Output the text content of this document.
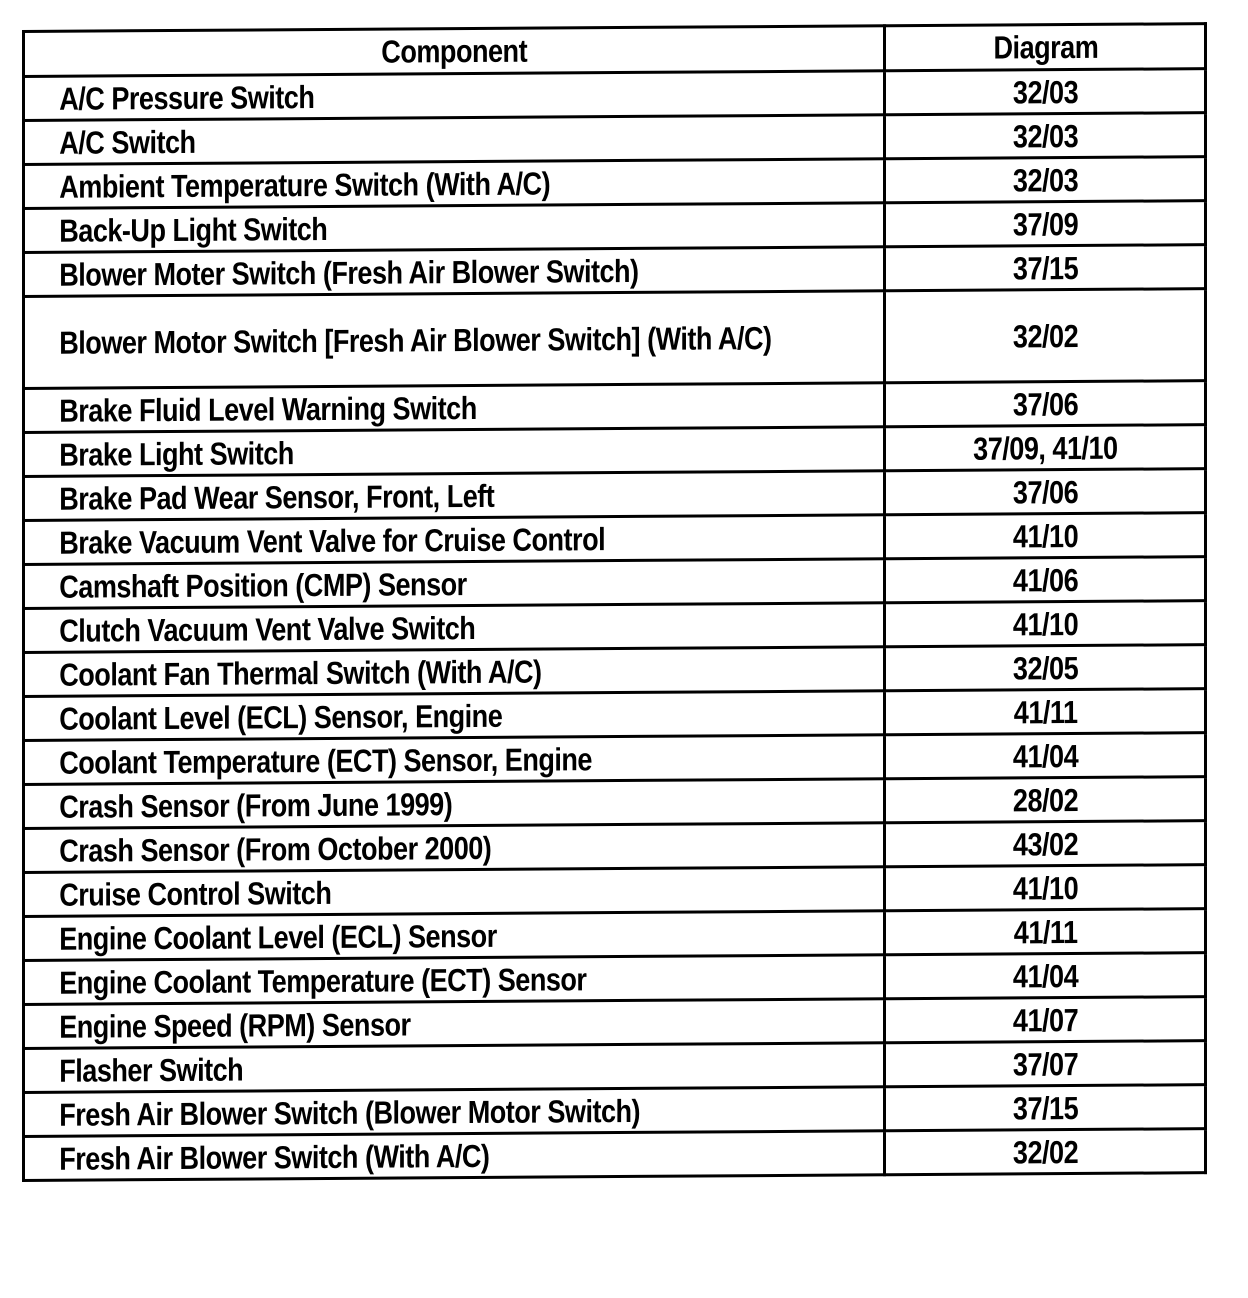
Component	Diagram
A/C Pressure Switch	32/03
A/C Switch	32/03
Ambient Temperature Switch (With A/C)	32/03
Back-Up Light Switch	37/09
Blower Moter Switch (Fresh Air Blower Switch)	37/15
Blower Motor Switch [Fresh Air Blower Switch] (With A/C)	32/02
Brake Fluid Level Warning Switch	37/06
Brake Light Switch	37/09, 41/10
Brake Pad Wear Sensor, Front, Left	37/06
Brake Vacuum Vent Valve for Cruise Control	41/10
Camshaft Position (CMP) Sensor	41/06
Clutch Vacuum Vent Valve Switch	41/10
Coolant Fan Thermal Switch (With A/C)	32/05
Coolant Level (ECL) Sensor, Engine	41/11
Coolant Temperature (ECT) Sensor, Engine	41/04
Crash Sensor (From June 1999)	28/02
Crash Sensor (From October 2000)	43/02
Cruise Control Switch	41/10
Engine Coolant Level (ECL) Sensor	41/11
Engine Coolant Temperature (ECT) Sensor	41/04
Engine Speed (RPM) Sensor	41/07
Flasher Switch	37/07
Fresh Air Blower Switch (Blower Motor Switch)	37/15
Fresh Air Blower Switch (With A/C)	32/02
